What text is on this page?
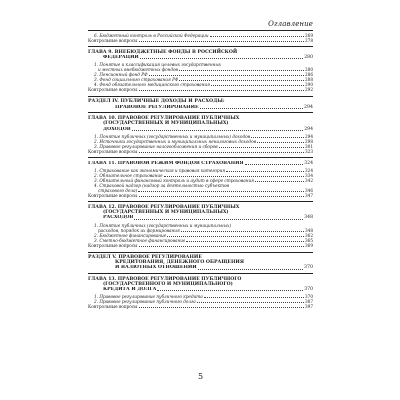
Оглавление
6. Бюджетный контроль в Российской Федерации	269
Контрольные вопросы	278
ГЛАВА 9. ВНЕБЮДЖЕТНЫЕ ФОНДЫ В РОССИЙСКОЙ
ФЕДЕРАЦИИ	280
1. Понятие и классификация целевых государственных
и местных внебюджетных фондов	280
2. Пенсионный фонд РФ	286
3. Фонд социального страхования РФ	288
4. Фонд обязательного медицинского страхования	290
Контрольные вопросы	292
РАЗДЕЛ IV. ПУБЛИЧНЫЕ ДОХОДЫ И РАСХОДЫ:
ПРАВОВОЕ РЕГУЛИРОВАНИЕ	294
ГЛАВА 10. ПРАВОВОЕ РЕГУЛИРОВАНИЕ ПУБЛИЧНЫХ
(ГОСУДАРСТВЕННЫХ И МУНИЦИПАЛЬНЫХ)
ДОХОДОВ	294
1. Понятие публичных (государственных и муниципальных) доходов	294
2. Источники государственных и муниципальных неналоговых доходов	298
3. Правовое регулирование налогообложения и сборов	301
Контрольные вопросы	323
ГЛАВА 11. ПРАВОВОЙ РЕЖИМ ФОНДОВ СТРАХОВАНИЯ	324
1. Страхование как экономическая и правовая категория	324
2. Обязательное страхование	334
3. Обязательный финансовый контроль и аудит в сфере страхования	342
4. Страховой надзор (надзор за деятельностью субъектов
страхового дела)	346
Контрольные вопросы	347
ГЛАВА 12. ПРАВОВОЕ РЕГУЛИРОВАНИЕ ПУБЛИЧНЫХ
(ГОСУДАРСТВЕННЫХ И МУНИЦИПАЛЬНЫХ)
РАСХОДОВ	348
1. Понятие публичных (государственных и муниципальных)
расходов, порядок их формирования	348
2. Бюджетное финансирование	362
3. Сметно-бюджетное финансирование	365
Контрольные вопросы	369
РАЗДЕЛ V. ПРАВОВОЕ РЕГУЛИРОВАНИЕ
КРЕДИТОВАНИЯ, ДЕНЕЖНОГО ОБРАЩЕНИЯ
И ВАЛЮТНЫХ ОТНОШЕНИЙ	370
ГЛАВА 13. ПРАВОВОЕ РЕГУЛИРОВАНИЕ ПУБЛИЧНОГО
(ГОСУДАРСТВЕННОГО И МУНИЦИПАЛЬНОГО)
КРЕДИТА И ДОЛГА	370
1. Правовое регулирование публичного кредита	370
2. Правовое регулирование публичного долга	387
Контрольные вопросы	397
5
